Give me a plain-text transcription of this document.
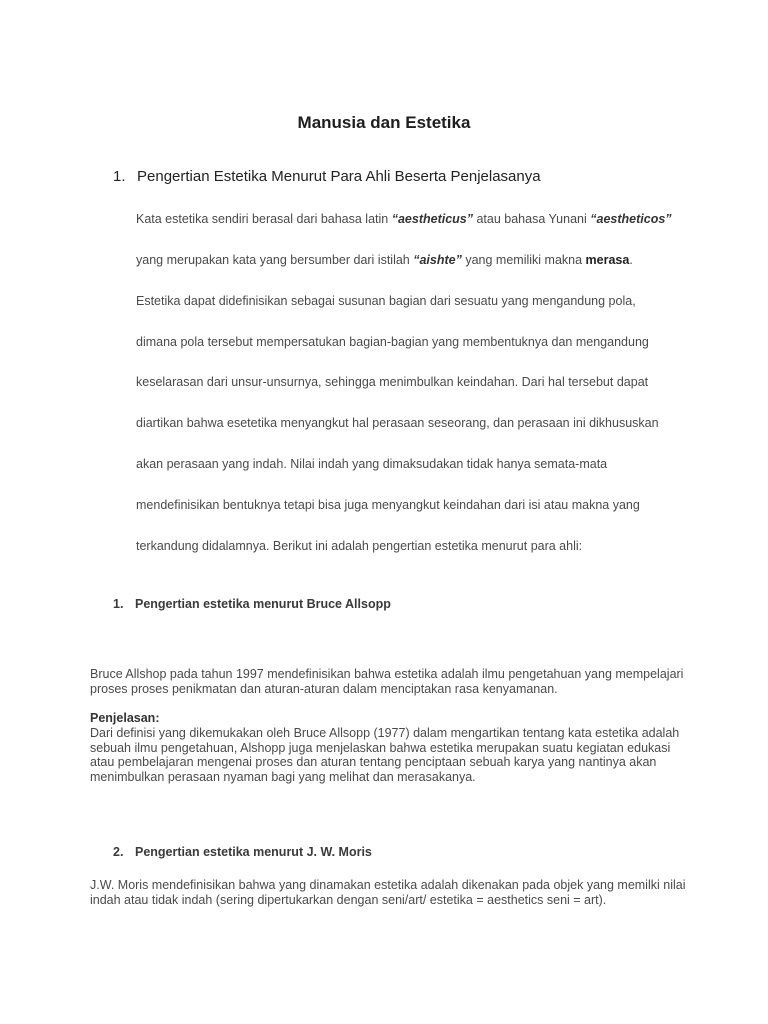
Manusia dan Estetika
1. Pengertian Estetika Menurut Para Ahli Beserta Penjelasanya
Kata estetika sendiri berasal dari bahasa latin “aestheticus” atau bahasa Yunani “aestheticos”
yang merupakan kata yang bersumber dari istilah “aishte” yang memiliki makna merasa.
Estetika dapat didefinisikan sebagai susunan bagian dari sesuatu yang mengandung pola,
dimana pola tersebut mempersatukan bagian-bagian yang membentuknya dan mengandung
keselarasan dari unsur-unsurnya, sehingga menimbulkan keindahan. Dari hal tersebut dapat
diartikan bahwa esetetika menyangkut hal perasaan seseorang, dan perasaan ini dikhususkan
akan perasaan yang indah. Nilai indah yang dimaksudakan tidak hanya semata-mata
mendefinisikan bentuknya tetapi bisa juga menyangkut keindahan dari isi atau makna yang
terkandung didalamnya. Berikut ini adalah pengertian estetika menurut para ahli:
1. Pengertian estetika menurut Bruce Allsopp
Bruce Allshop pada tahun 1997 mendefinisikan bahwa estetika adalah ilmu pengetahuan yang mempelajari proses proses penikmatan dan aturan-aturan dalam menciptakan rasa kenyamanan.
Penjelasan:
Dari definisi yang dikemukakan oleh Bruce Allsopp (1977) dalam mengartikan tentang kata estetika adalah sebuah ilmu pengetahuan, Alshopp juga menjelaskan bahwa estetika merupakan suatu kegiatan edukasi atau pembelajaran mengenai proses dan aturan tentang penciptaan sebuah karya yang nantinya akan menimbulkan perasaan nyaman bagi yang melihat dan merasakanya.
2. Pengertian estetika menurut J. W. Moris
J.W. Moris mendefinisikan bahwa yang dinamakan estetika adalah dikenakan pada objek yang memilki nilai indah atau tidak indah (sering dipertukarkan dengan seni/art/ estetika = aesthetics seni = art).
